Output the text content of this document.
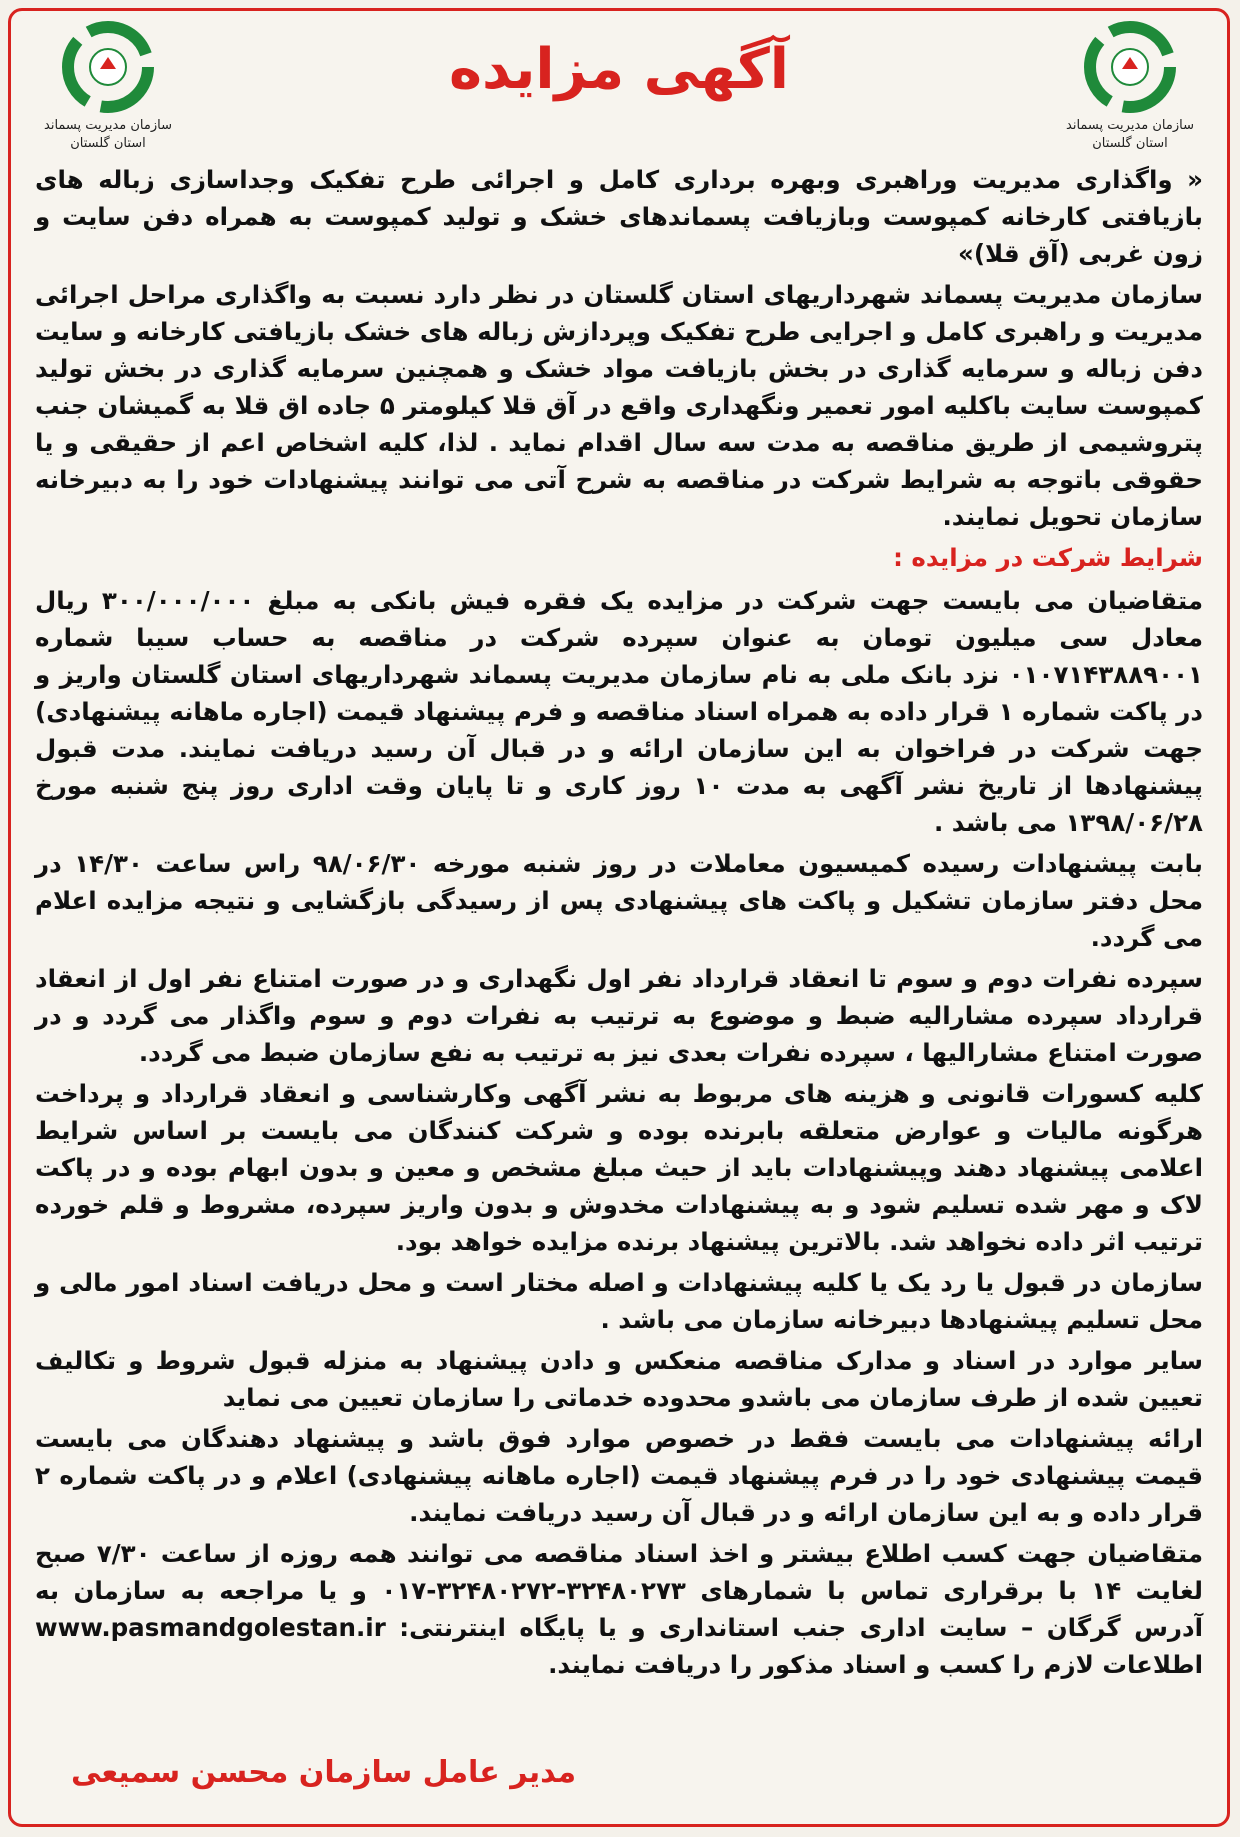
سازمان مدیریت پسماند
استان گلستان
آگهی مزایده
سازمان مدیریت پسماند
استان گلستان

« واگذاری مدیریت وراهبری وبهره برداری کامل و اجرائی طرح تفکیک وجداسازی زباله های بازیافتی کارخانه کمپوست وبازیافت پسماندهای خشک و تولید کمپوست به همراه دفن سایت و زون غربی (آق قلا)»

سازمان مدیریت پسماند شهرداریهای استان گلستان در نظر دارد نسبت به واگذاری مراحل اجرائی مدیریت و راهبری کامل و اجرایی طرح تفکیک وپردازش زباله های خشک بازیافتی کارخانه و سایت دفن زباله و سرمایه گذاری در بخش بازیافت مواد خشک و همچنین سرمایه گذاری در بخش تولید کمپوست سایت باکلیه امور تعمیر ونگهداری واقع در آق قلا کیلومتر ۵ جاده اق قلا به گمیشان جنب پتروشیمی از طریق مناقصه به مدت سه سال اقدام نماید . لذا، کلیه اشخاص اعم از حقیقی و یا حقوقی باتوجه به شرایط شرکت در مناقصه به شرح آتی می توانند پیشنهادات خود را به دبیرخانه سازمان تحویل نمایند.

شرایط شرکت در مزایده :

متقاضیان می بایست جهت شرکت در مزایده یک فقره فیش بانکی به مبلغ ۳۰۰/۰۰۰/۰۰۰ ریال معادل سی میلیون تومان به عنوان سپرده شرکت در مناقصه به حساب سیبا شماره ۰۱۰۷۱۴۳۸۸۹۰۰۱ نزد بانک ملی به نام سازمان مدیریت پسماند شهرداریهای استان گلستان واریز و در پاکت شماره ۱ قرار داده به همراه اسناد مناقصه و فرم پیشنهاد قیمت (اجاره ماهانه پیشنهادی) جهت شرکت در فراخوان به این سازمان ارائه و در قبال آن رسید دریافت نمایند. مدت قبول پیشنهادها از تاریخ نشر آگهی به مدت ۱۰ روز کاری و تا پایان وقت اداری روز پنج شنبه مورخ ۱۳۹۸/۰۶/۲۸ می باشد .

بابت پیشنهادات رسیده کمیسیون معاملات در روز شنبه مورخه ۹۸/۰۶/۳۰ راس ساعت ۱۴/۳۰ در محل دفتر سازمان تشکیل و پاکت های پیشنهادی پس از رسیدگی بازگشایی و نتیجه مزایده اعلام می گردد.

سپرده نفرات دوم و سوم تا انعقاد قرارداد نفر اول نگهداری و در صورت امتناع نفر اول از انعقاد قرارداد سپرده مشارالیه ضبط و موضوع به ترتیب به نفرات دوم و سوم واگذار می گردد و در صورت امتناع مشارالیها ، سپرده نفرات بعدی نیز به ترتیب به نفع سازمان ضبط می گردد.

کلیه کسورات قانونی و هزینه های مربوط به نشر آگهی وکارشناسی و انعقاد قرارداد و پرداخت هرگونه مالیات و عوارض متعلقه بابرنده بوده و شرکت کنندگان می بایست بر اساس شرایط اعلامی پیشنهاد دهند وپیشنهادات باید از حیث مبلغ مشخص و معین و بدون ابهام بوده و در پاکت لاک و مهر شده تسلیم شود و به پیشنهادات مخدوش و بدون واریز سپرده، مشروط و قلم خورده ترتیب اثر داده نخواهد شد. بالاترین پیشنهاد برنده مزایده خواهد بود.

سازمان در قبول یا رد یک یا کلیه پیشنهادات و اصله مختار است و محل دریافت اسناد امور مالی و محل تسلیم پیشنهادها دبیرخانه سازمان می باشد .

سایر موارد در اسناد و مدارک مناقصه منعکس و دادن پیشنهاد به منزله قبول شروط و تکالیف تعیین شده از طرف سازمان می باشدو محدوده خدماتی را سازمان تعیین می نماید

ارائه پیشنهادات می بایست فقط در خصوص موارد فوق باشد و پیشنهاد دهندگان می بایست قیمت پیشنهادی خود را در فرم پیشنهاد قیمت (اجاره ماهانه پیشنهادی) اعلام و در پاکت شماره ۲ قرار داده و به این سازمان ارائه و در قبال آن رسید دریافت نمایند.

متقاضیان جهت کسب اطلاع بیشتر و اخذ اسناد مناقصه می توانند همه روزه از ساعت ۷/۳۰ صبح لغایت ۱۴ با برقراری تماس با شمارهای ۳۲۴۸۰۲۷۳-۳۲۴۸۰۲۷۲-۰۱۷ و یا مراجعه به سازمان به آدرس گرگان – سایت اداری جنب استانداری و یا پایگاه اینترنتی: www.pasmandgolestan.ir اطلاعات لازم را کسب و اسناد مذکور را دریافت نمایند.

مدیر عامل سازمان محسن سمیعی
